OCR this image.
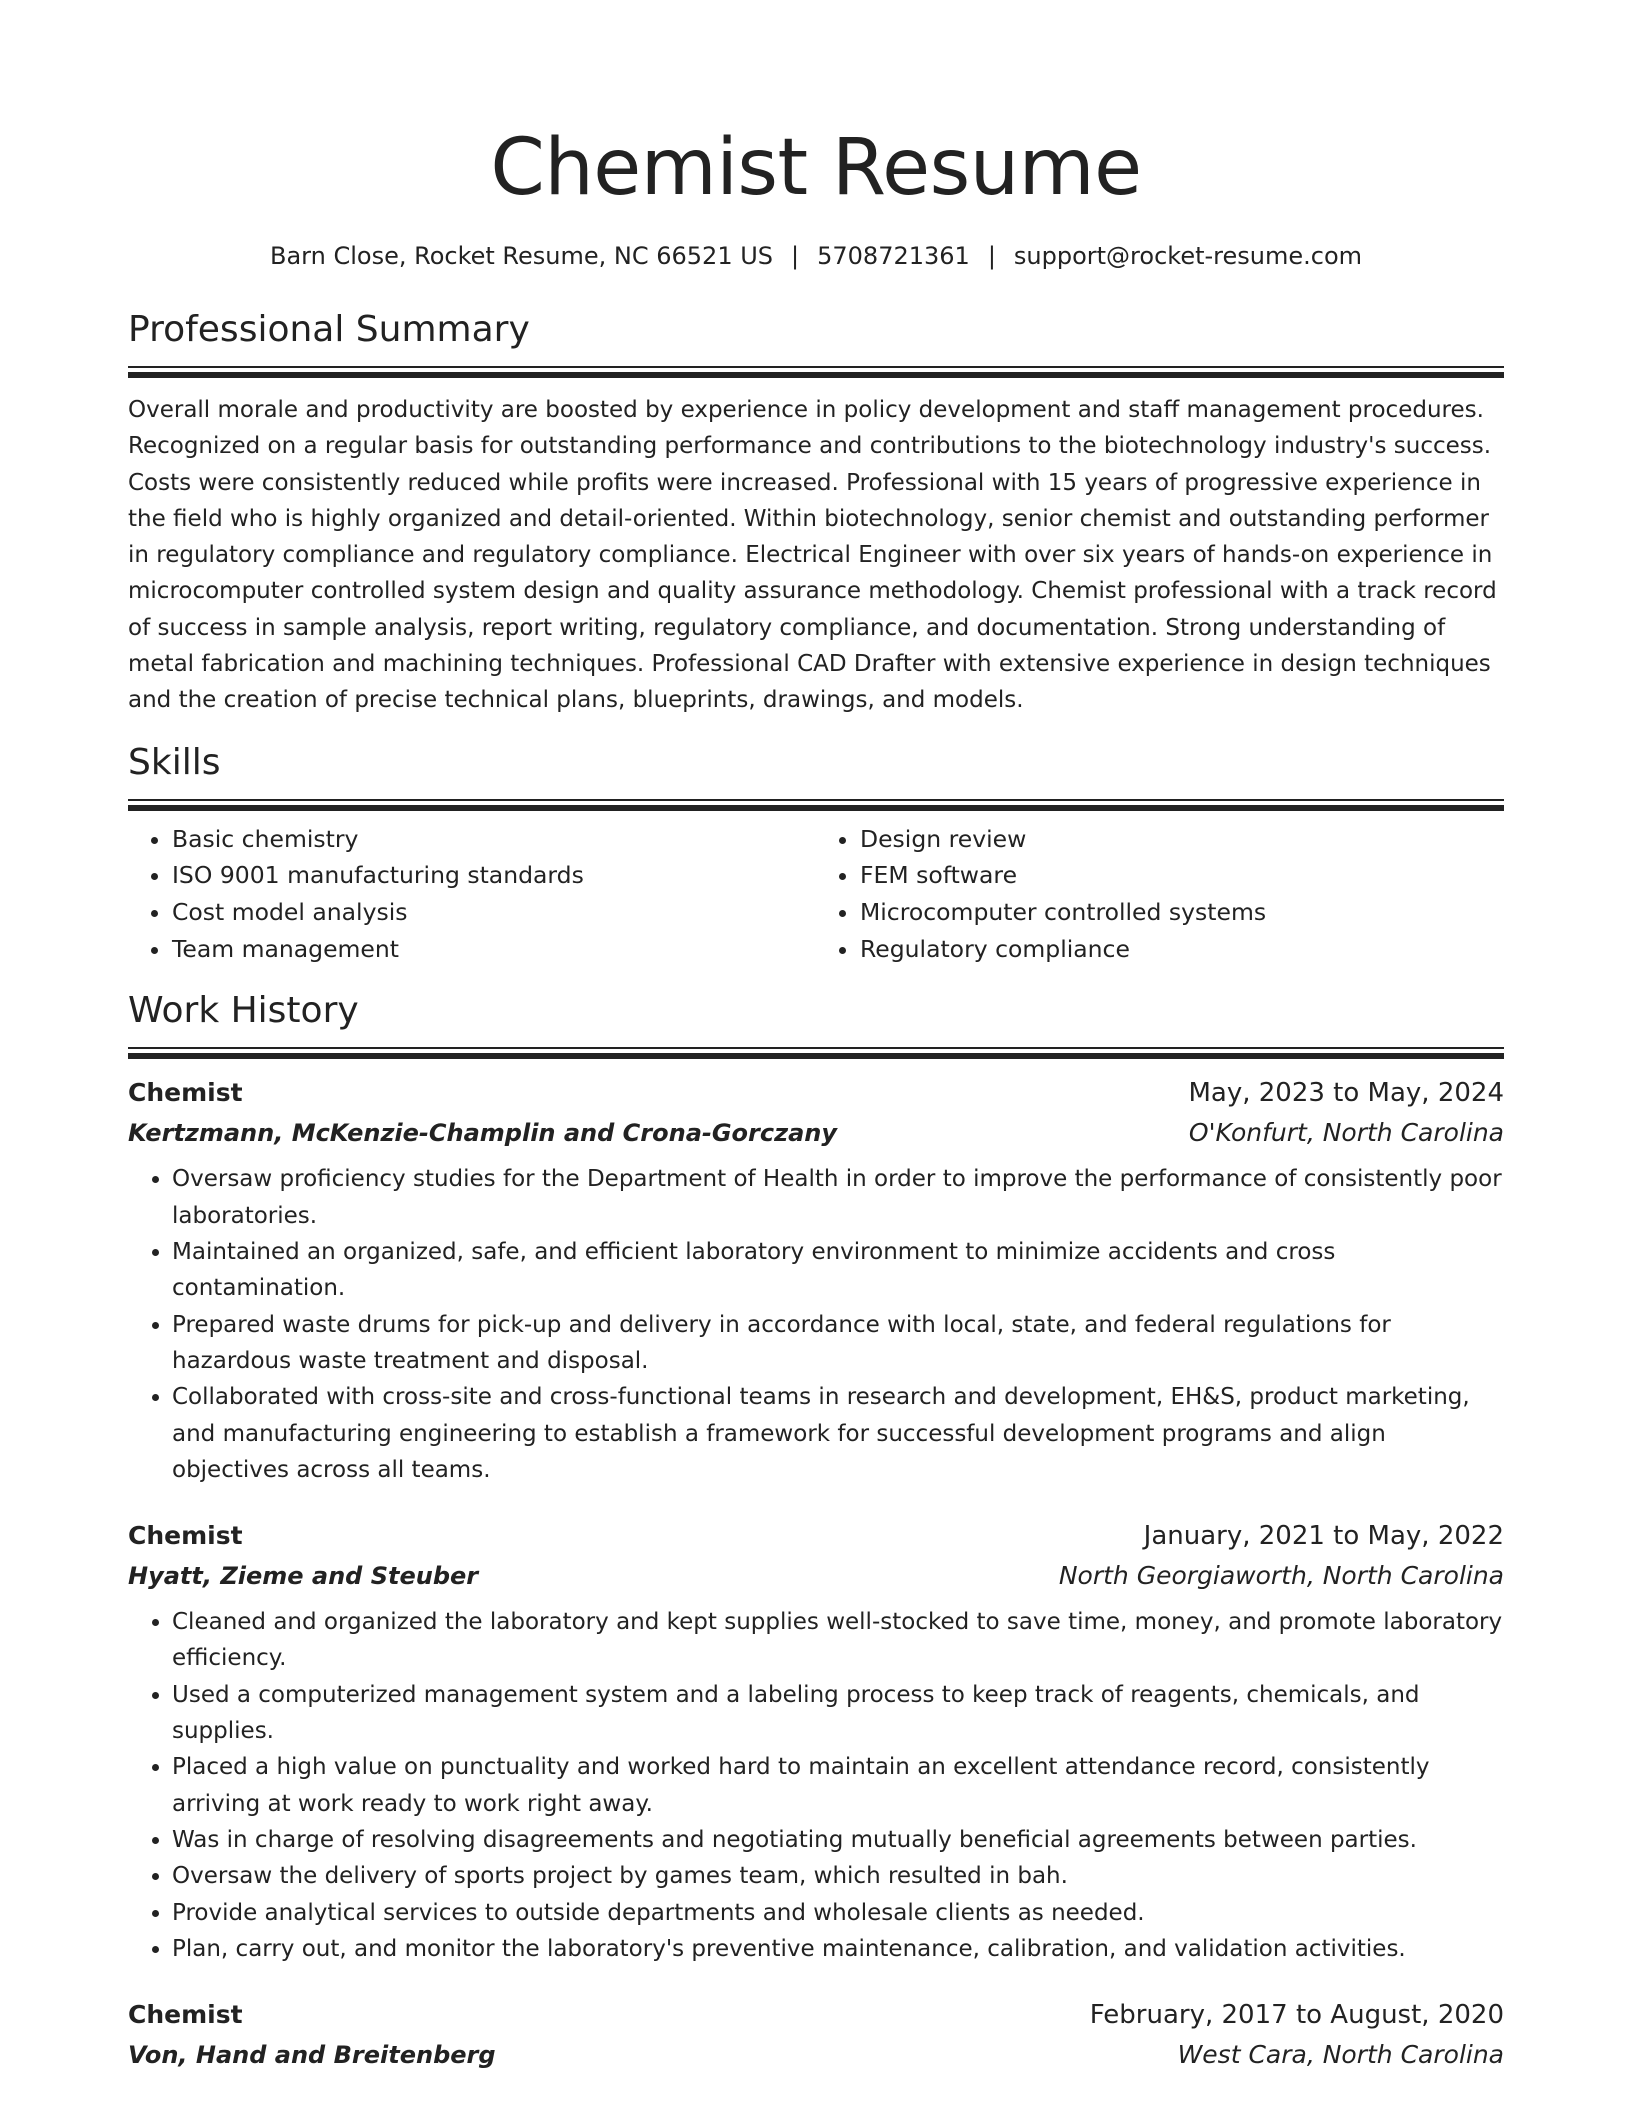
Chemist Resume
Barn Close, Rocket Resume, NC 66521 US | 5708721361 | support@rocket-resume.com
Professional Summary

Overall morale and productivity are boosted by experience in policy development and staff management procedures. Recognized on a regular basis for outstanding performance and contributions to the biotechnology industry's success. Costs were consistently reduced while profits were increased. Professional with 15 years of progressive experience in the field who is highly organized and detail-oriented. Within biotechnology, senior chemist and outstanding performer in regulatory compliance and regulatory compliance. Electrical Engineer with over six years of hands-on experience in microcomputer controlled system design and quality assurance methodology. Chemist professional with a track record of success in sample analysis, report writing, regulatory compliance, and documentation. Strong understanding of metal fabrication and machining techniques. Professional CAD Drafter with extensive experience in design techniques and the creation of precise technical plans, blueprints, drawings, and models.

Skills
• Basic chemistry
• ISO 9001 manufacturing standards
• Cost model analysis
• Team management
• Design review
• FEM software
• Microcomputer controlled systems
• Regulatory compliance
Work History
Chemist	May, 2023 to May, 2024
Kertzmann, McKenzie-Champlin and Crona-Gorczany	O'Konfurt, North Carolina
• Oversaw proficiency studies for the Department of Health in order to improve the performance of consistently poor laboratories.
• Maintained an organized, safe, and efficient laboratory environment to minimize accidents and cross contamination.
• Prepared waste drums for pick-up and delivery in accordance with local, state, and federal regulations for hazardous waste treatment and disposal.
• Collaborated with cross-site and cross-functional teams in research and development, EH&S, product marketing, and manufacturing engineering to establish a framework for successful development programs and align objectives across all teams.
Chemist	January, 2021 to May, 2022
Hyatt, Zieme and Steuber	North Georgiaworth, North Carolina
• Cleaned and organized the laboratory and kept supplies well-stocked to save time, money, and promote laboratory efficiency.
• Used a computerized management system and a labeling process to keep track of reagents, chemicals, and supplies.
• Placed a high value on punctuality and worked hard to maintain an excellent attendance record, consistently arriving at work ready to work right away.
• Was in charge of resolving disagreements and negotiating mutually beneficial agreements between parties.
• Oversaw the delivery of sports project by games team, which resulted in bah.
• Provide analytical services to outside departments and wholesale clients as needed.
• Plan, carry out, and monitor the laboratory's preventive maintenance, calibration, and validation activities.
Chemist	February, 2017 to August, 2020
Von, Hand and Breitenberg	West Cara, North Carolina
